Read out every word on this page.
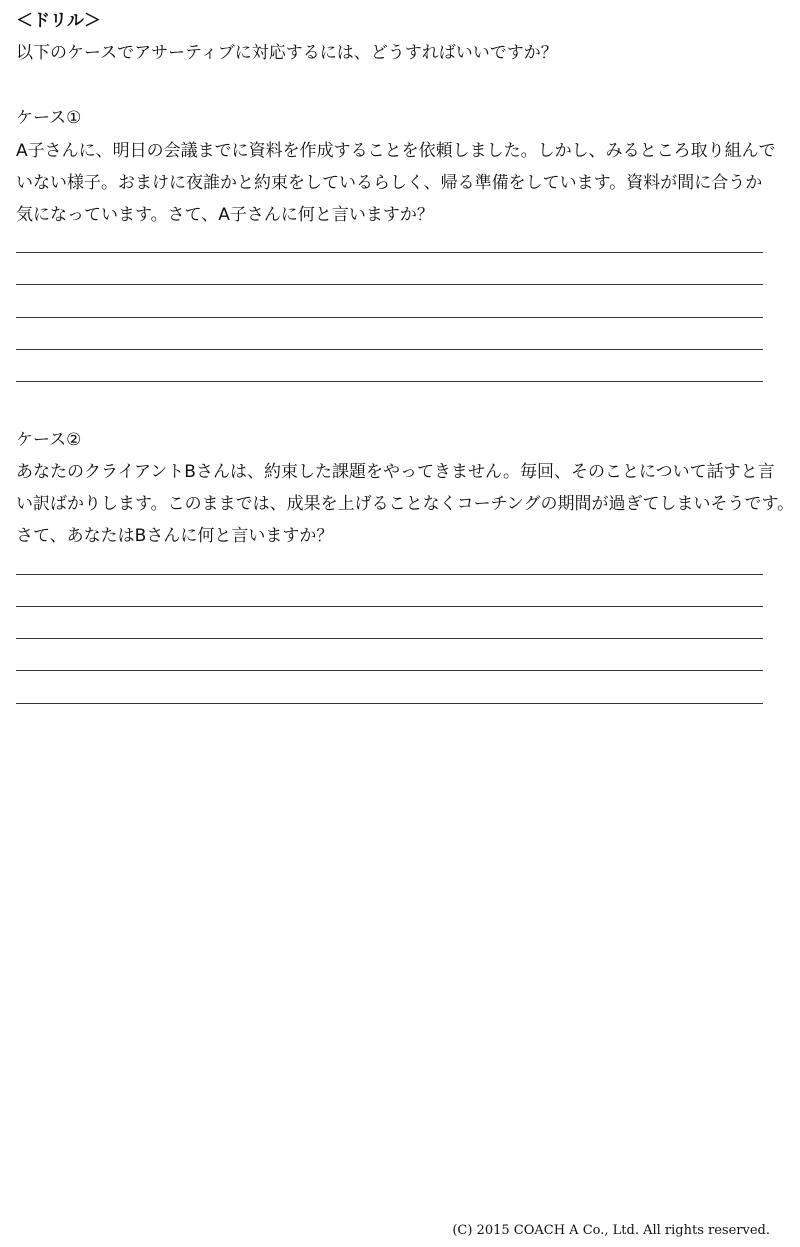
＜ドリル＞

以下のケースでアサーティブに対応するには、どうすればいいですか？

ケース①

A子さんに、明日の会議までに資料を作成することを依頼しました。しかし、みるところ取り組んで

いない様子。おまけに夜誰かと約束をしているらしく、帰る準備をしています。資料が間に合うか

気になっています。さて、A子さんに何と言いますか？

ケース②

あなたのクライアントBさんは、約束した課題をやってきません。毎回、そのことについて話すと言

い訳ばかりします。このままでは、成果を上げることなくコーチングの期間が過ぎてしまいそうです。

さて、あなたはBさんに何と言いますか？

(C) 2015 COACH A Co., Ltd. All rights reserved.
